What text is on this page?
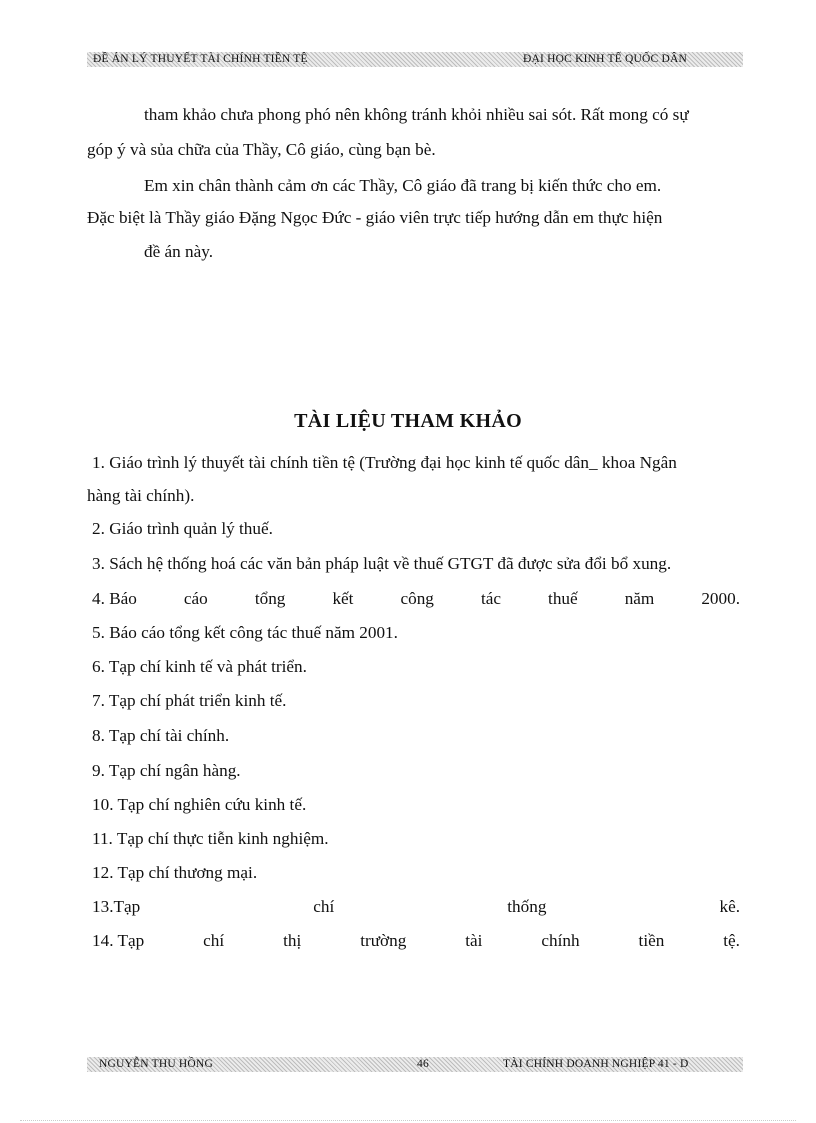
ĐỀ ÁN LÝ THUYẾT TÀI CHÍNH TIỀN TỆ	ĐẠI HỌC KINH TẾ QUỐC DÂN
tham khảo chưa phong phó nên không tránh khỏi nhiều sai sót. Rất mong có sự
góp ý và sủa chữa của Thầy, Cô giáo, cùng bạn bè.
Em xin chân thành cảm ơn các Thầy, Cô giáo đã trang bị kiến thức cho em.
Đặc biệt là Thầy giáo Đặng Ngọc Đức - giáo viên trực tiếp hướng dẫn em thực hiện
đề án này.
TÀI LIỆU THAM KHẢO
1. Giáo trình lý thuyết tài chính tiền tệ (Trường đại học kinh tế quốc dân_ khoa Ngân
hàng tài chính).
2. Giáo trình quản lý thuế.
3. Sách hệ thống hoá các văn bản pháp luật về thuế GTGT đã được sửa đổi bổ xung.
4. Báo	cáo	tổng	kết	công	tác	thuế	năm	2000.
5. Báo cáo tổng kết công tác thuế năm 2001.
6. Tạp chí kinh tế và phát triển.
7. Tạp chí phát triển kinh tế.
8. Tạp chí tài chính.
9. Tạp chí ngân hàng.
10. Tạp chí nghiên cứu kinh tế.
11. Tạp chí thực tiễn kinh nghiệm.
12. Tạp chí thương mại.
13.Tạp	chí	thống	kê.
14. Tạp	chí	thị	trường	tài	chính	tiền	tệ.
NGUYỄN THU HỒNG	46	TÀI CHÍNH DOANH NGHIỆP 41 - D
